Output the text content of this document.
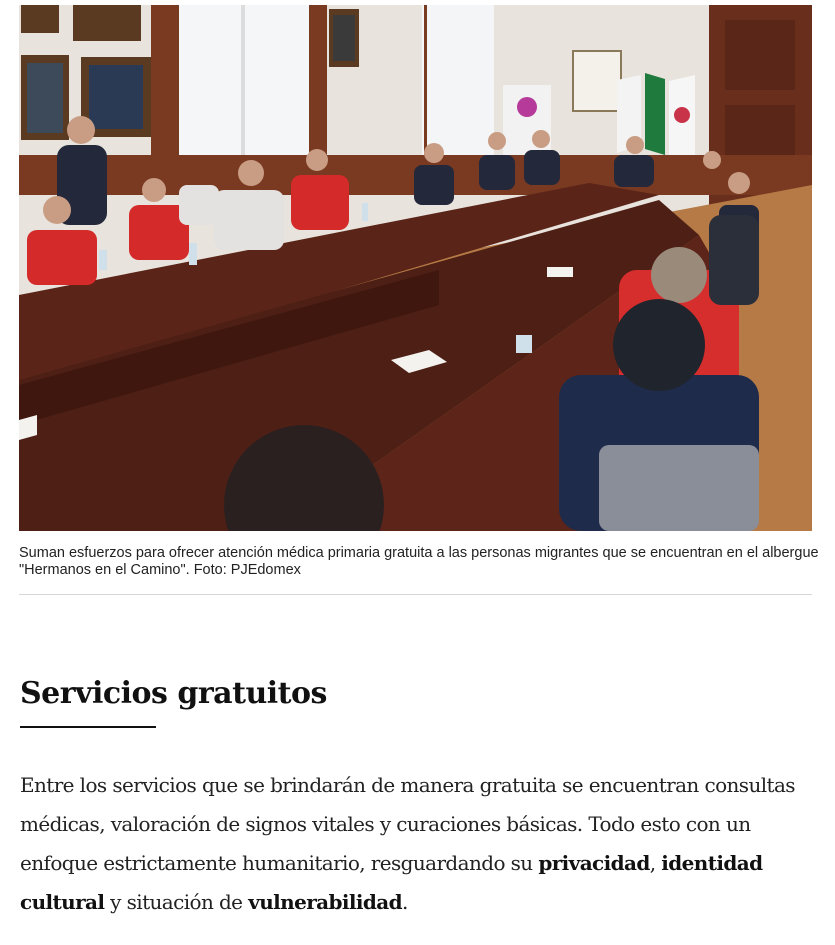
Suman esfuerzos para ofrecer atención médica primaria gratuita a las personas migrantes que se encuentran en el albergue "Hermanos en el Camino". Foto: PJEdomex

Servicios gratuitos

Entre los servicios que se brindarán de manera gratuita se encuentran consultas médicas, valoración de signos vitales y curaciones básicas. Todo esto con un enfoque estrictamente humanitario, resguardando su privacidad, identidad cultural y situación de vulnerabilidad.
